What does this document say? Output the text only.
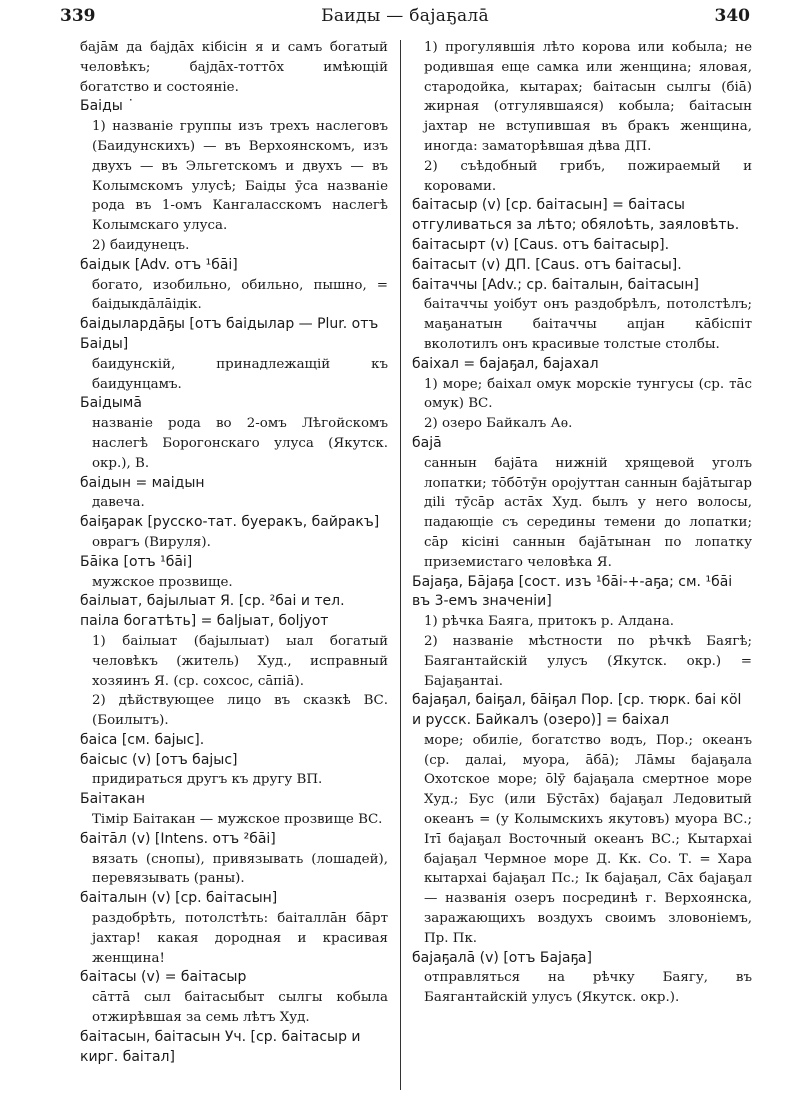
339	Баиды — баjаҕалā	340
баjāм да баjдāх кібісін я и самъ богатый человѣкъ; баjдāх-тоттōх имѣющій богатство и состояніе.
Баіды ˙
1) названіе группы изъ трехъ наслеговъ (Баидунскихъ) — въ Верхоянскомъ, изъ двухъ — въ Эльгетскомъ и двухъ — въ Колымскомъ улусѣ; Баіды ӯса названіе рода въ 1-омъ Кангаласскомъ наслегѣ Колымскаго улуса.
2) баидунецъ.
баідык [Adv. отъ ¹бāі]
богато, изобильно, обильно, пышно, = баідыкдāлāідік.
баідылардāҕы [отъ баідылар — Plur. отъ Баіды]
баидунскій, принадлежащій къ баидунцамъ.
Баідымā
названіе рода во 2-омъ Лѣгойскомъ наслегѣ Борогонскаго улуса (Якутск. окр.), В.
баідын = маідын
давеча.
баіҕарак [русско-тат. буеракъ, байракъ]
оврагъ (Вируля).
Бāіка [отъ ¹бāі]
мужское прозвище.
баілыат, баjылыат Я. [ср. ²баі и тел. паіла богатѣть] = баljыат, боljуот
1) баілыат (баjылыат) ыал богатый человѣкъ (житель) Худ., исправный хозяинъ Я. (ср. сохсос, сāпіā).
2) дѣйствующее лицо въ сказкѣ ВС. (Боилытъ).
баіса [см. баjыс].
баісыс (v) [отъ баjыс]
придираться другъ къ другу ВП.
Баітакан
Тімір Баітакан — мужское прозвище ВС.
баітāл (v) [Intens. отъ ²бāі]
вязать (снопы), привязывать (лошадей), перевязывать (раны).
баіталын (v) [ср. баітасын]
раздобрѣть, потолстѣть: баіталлāн бāрт јахтар! какая дородная и красивая женщина!
баітасы (v) = баітасыр
сāттā сыл баітасыбыт сылгы кобыла отжирѣвшая за семь лѣтъ Худ.
баітасын, баітасын Уч. [ср. баітасыр и кирг. баітал]
1) прогулявшія лѣто корова или кобыла; не родившая еще самка или женщина; яловая, стародойка, кытарах; баітасын сылгы (біā) жирная (отгулявшаяся) кобыла; баітасын јахтар не вступившая въ бракъ женщина, иногда: заматорѣвшая дѣва ДП.
2) съѣдобный грибъ, пожираемый и коровами.
баітасыр (v) [ср. баітасын] = баітасы отгуливаться за лѣто; обялоѣть, заяловѣть.
баітасырт (v) [Caus. отъ баітасыр].
баітасыт (v) ДП. [Caus. отъ баітасы].
баітаччы [Adv.; ср. баіталын, баітасын]
баітаччы уоібут онъ раздобрѣлъ, потолстѣлъ; маҕанатын баітаччы апјан кāбіспіт вколотилъ онъ красивые толстые столбы.
баіхал = баjаҕал, баjахал
1) море; баіхал омук морскіе тунгусы (ср. тāс омук) ВС.
2) озеро Байкалъ Аѳ.
баjā
саннын баjāта нижній хрящевой уголъ лопатки; тōбōтӯн оројуттан саннын баjāтыгар діlі тӯсāр астāх Худ. былъ у него волосы, падающіе съ середины темени до лопатки; сāр кісіні саннын баjāтынан по лопатку приземистаго человѣка Я.
Баjаҕа, Бājаҕа [сост. изъ ¹бāі-+-аҕа; см. ¹бāі въ 3-емъ значеніи]
1) рѣчка Баяга, притокъ р. Алдана.
2) названіе мѣстности по рѣчкѣ Баягѣ; Баягантайскій улусъ (Якутск. окр.) = Баjаҕантаі.
баjаҕал, баіҕал, бāіҕал Пор. [ср. тюрк. баі кöl и русск. Байкалъ (озеро)] = баіхал
море; обиліе, богатство водъ, Пор.; океанъ (ср. далаі, муора, āбā); Лāмы баjаҕала Охотское море; ōlӯ баjаҕала смертное море Худ.; Бус (или Бӯстāх) баjаҕал Ледовитый океанъ = (у Колымскихъ якутовъ) муора ВС.; Ітī баjаҕал Восточный океанъ ВС.; Кытархаі баjаҕал Чермное море Д. Кк. Со. Т. = Хара кытархаі баjаҕал Пс.; Ік баjаҕал, Сāх баjаҕал — названія озеръ посрединѣ г. Верхоянска, заражающихъ воздухъ своимъ зловоніемъ, Пр. Пк.
баjаҕалā (v) [отъ Баjаҕа]
отправляться на рѣчку Баягу, въ Баягантайскій улусъ (Якутск. окр.).
